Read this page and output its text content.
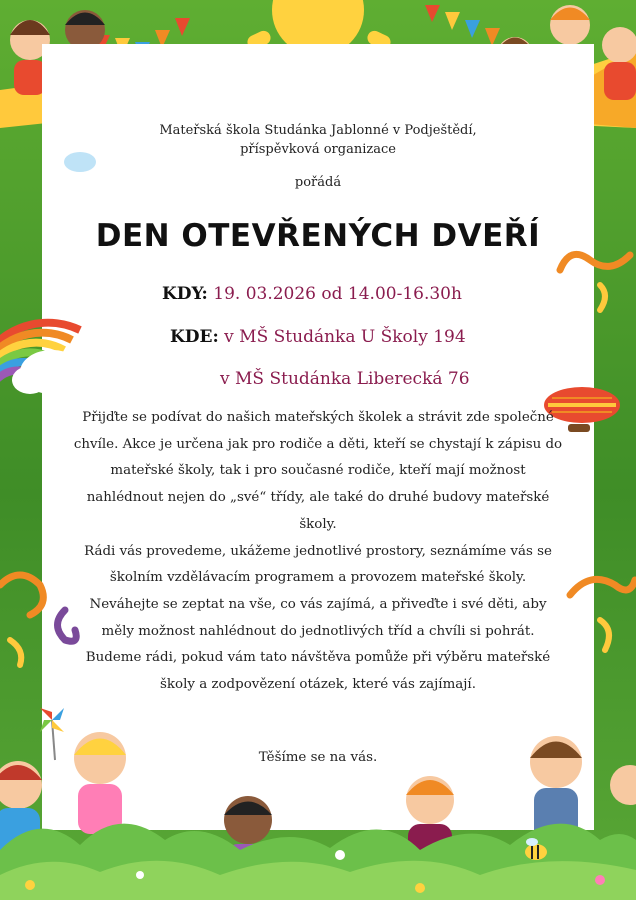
Mateřská škola Studánka Jablonné v Podještědí,
příspěvková organizace
pořádá
DEN OTEVŘENÝCH DVEŘÍ
KDY: 19. 03.2026 od 14.00-16.30h
KDE: v MŠ Studánka U Školy 194
v MŠ Studánka Liberecká 76

Přijďte se podívat do našich mateřských školek a strávit zde společné chvíle. Akce je určena jak pro rodiče a děti, kteří se chystají k zápisu do mateřské školy, tak i pro současné rodiče, kteří mají možnost nahlédnout nejen do „své“ třídy, ale také do druhé budovy mateřské školy.

Rádi vás provedeme, ukážeme jednotlivé prostory, seznámíme vás se školním vzdělávacím programem a provozem mateřské školy.

Neváhejte se zeptat na vše, co vás zajímá, a přiveďte i své děti, aby měly možnost nahlédnout do jednotlivých tříd a chvíli si pohrát.

Budeme rádi, pokud vám tato návštěva pomůže při výběru mateřské školy a zodpovězení otázek, které vás zajímají.

Těšíme se na vás.
